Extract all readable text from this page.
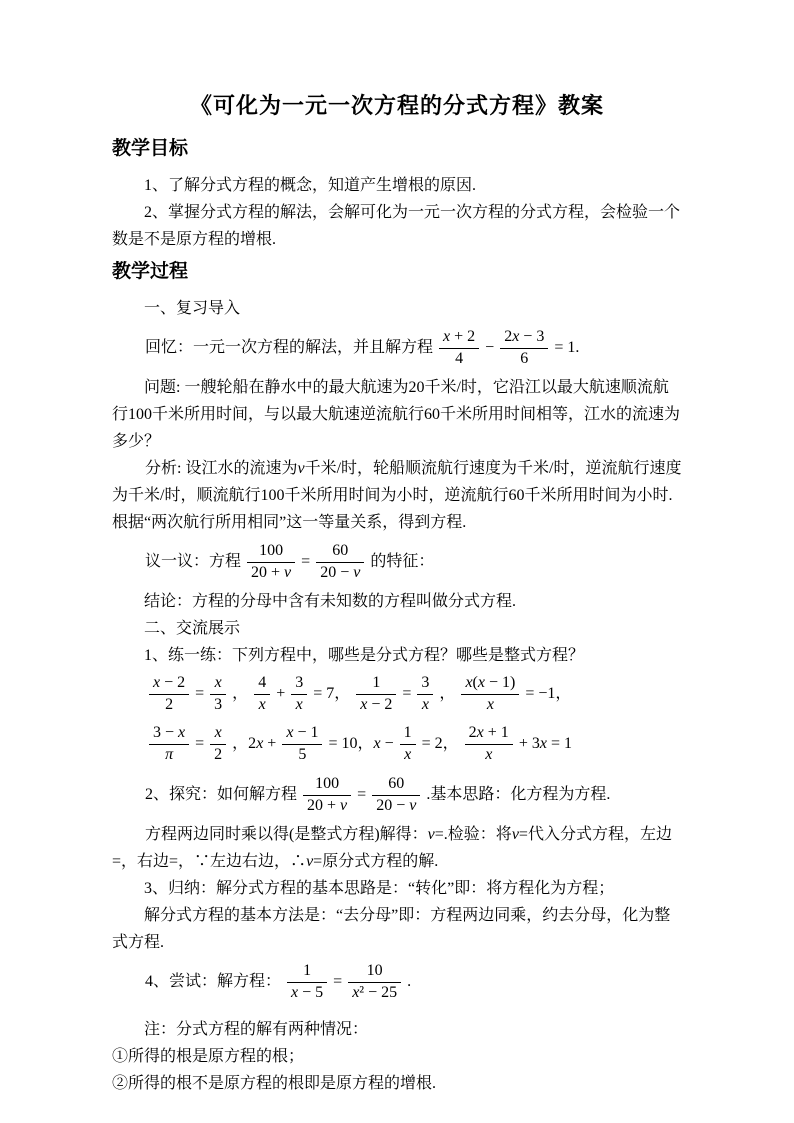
《可化为一元一次方程的分式方程》教案
教学目标

1、了解分式方程的概念，知道产生增根的原因.

2、掌握分式方程的解法，会解可化为一元一次方程的分式方程，会检验一个数是不是原方程的增根.

教学过程

一、复习导入

回忆：一元一次方程的解法，并且解方程 $\frac{x + 2}{4} - \frac{2x - 3}{6} = 1$.

问题: 一艘轮船在静水中的最大航速为20千米/时，它沿江以最大航速顺流航行100千米所用时间，与以最大航速逆流航行60千米所用时间相等，江水的流速为多少？

分析: 设江水的流速为v千米/时，轮船顺流航行速度为千米/时，逆流航行速度为千米/时，顺流航行100千米所用时间为小时，逆流航行60千米所用时间为小时.根据“两次航行所用相同”这一等量关系，得到方程.

议一议：方程 $\frac{100}{20 + v} = \frac{60}{20 - v}$ 的特征：

结论：方程的分母中含有未知数的方程叫做分式方程.

二、交流展示

1、练一练：下列方程中，哪些是分式方程？哪些是整式方程？

$\frac{x - 2}{2} = \frac{x}{3}$ ， $\frac{4}{x} + \frac{3}{x} = 7$， $\frac{1}{x - 2} = \frac{3}{x}$ ， $\frac{x(x - 1)}{x} = -1$，
$\frac{3 - x}{\pi} = \frac{x}{2}$ ，$2x + \frac{x - 1}{5} = 10$，$x - \frac{1}{x} = 2$， $\frac{2x + 1}{x} + 3x = 1$
2、探究：如何解方程 $\frac{100}{20 + v} = \frac{60}{20 - v}$ .基本思路：化方程为方程.

方程两边同时乘以得(是整式方程)解得：v=.检验：将v=代入分式方程，左边=，右边=，∵左边右边，∴v=原分式方程的解.

3、归纳：解分式方程的基本思路是：“转化”即：将方程化为方程；

解分式方程的基本方法是：“去分母”即：方程两边同乘，约去分母，化为整式方程.

4、尝试：解方程： $\frac{1}{x - 5} = \frac{10}{\text{x² − 25}}$ .

注：分式方程的解有两种情况：

①所得的根是原方程的根；

②所得的根不是原方程的根即是原方程的增根.
